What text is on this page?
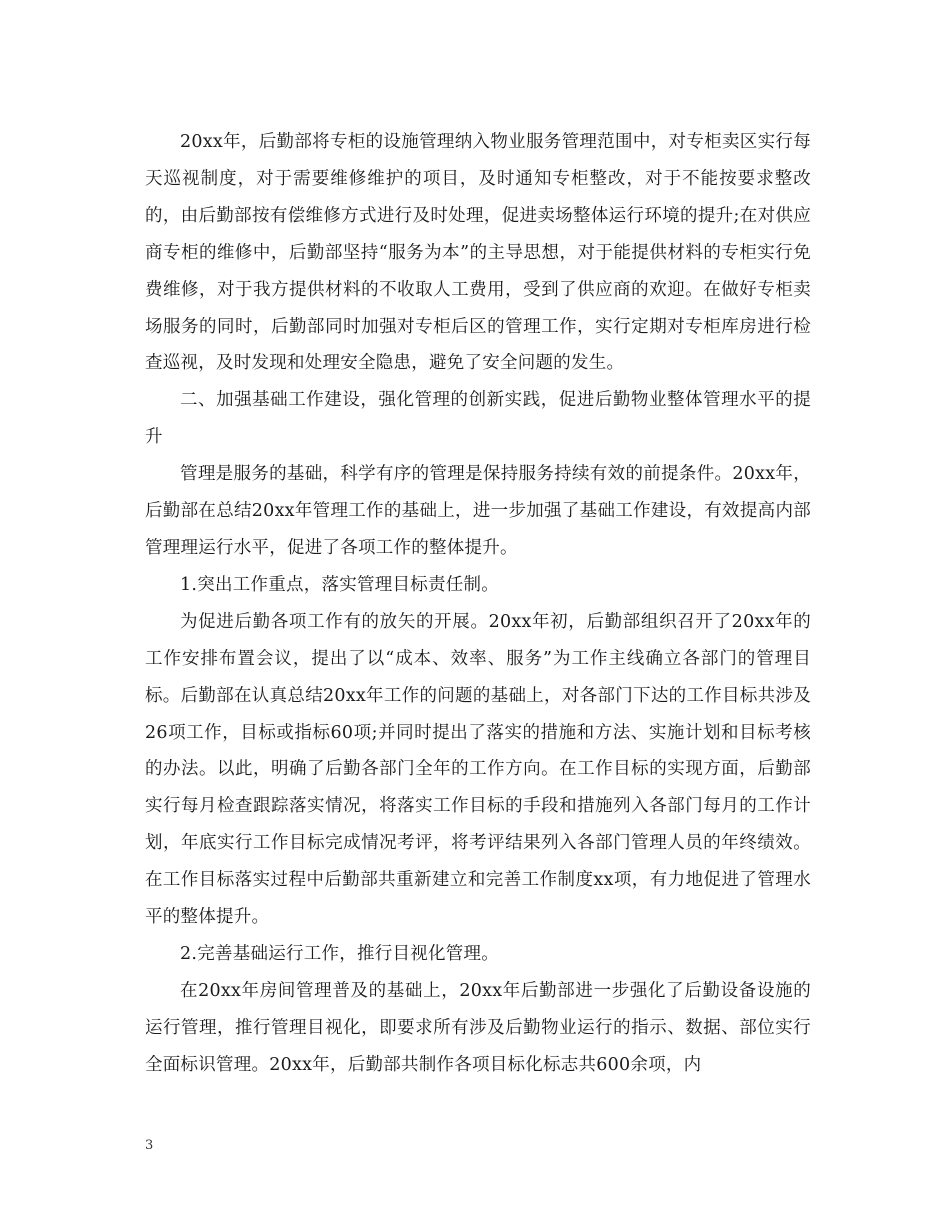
20xx年，后勤部将专柜的设施管理纳入物业服务管理范围中，对专柜卖区实行每天巡视制度，对于需要维修维护的项目，及时通知专柜整改，对于不能按要求整改的，由后勤部按有偿维修方式进行及时处理，促进卖场整体运行环境的提升;在对供应商专柜的维修中，后勤部坚持“服务为本”的主导思想，对于能提供材料的专柜实行免费维修，对于我方提供材料的不收取人工费用，受到了供应商的欢迎。在做好专柜卖场服务的同时，后勤部同时加强对专柜后区的管理工作，实行定期对专柜库房进行检查巡视，及时发现和处理安全隐患，避免了安全问题的发生。

二、加强基础工作建设，强化管理的创新实践，促进后勤物业整体管理水平的提升

管理是服务的基础，科学有序的管理是保持服务持续有效的前提条件。20xx年，后勤部在总结20xx年管理工作的基础上，进一步加强了基础工作建设，有效提高内部管理理运行水平，促进了各项工作的整体提升。

1.突出工作重点，落实管理目标责任制。

为促进后勤各项工作有的放矢的开展。20xx年初，后勤部组织召开了20xx年的工作安排布置会议，提出了以“成本、效率、服务”为工作主线确立各部门的管理目标。后勤部在认真总结20xx年工作的问题的基础上，对各部门下达的工作目标共涉及26项工作，目标或指标60项;并同时提出了落实的措施和方法、实施计划和目标考核的办法。以此，明确了后勤各部门全年的工作方向。在工作目标的实现方面，后勤部实行每月检查跟踪落实情况，将落实工作目标的手段和措施列入各部门每月的工作计划，年底实行工作目标完成情况考评，将考评结果列入各部门管理人员的年终绩效。在工作目标落实过程中后勤部共重新建立和完善工作制度xx项，有力地促进了管理水平的整体提升。

2.完善基础运行工作，推行目视化管理。

在20xx年房间管理普及的基础上，20xx年后勤部进一步强化了后勤设备设施的运行管理，推行管理目视化，即要求所有涉及后勤物业运行的指示、数据、部位实行全面标识管理。20xx年，后勤部共制作各项目标化标志共600余项，内

3
